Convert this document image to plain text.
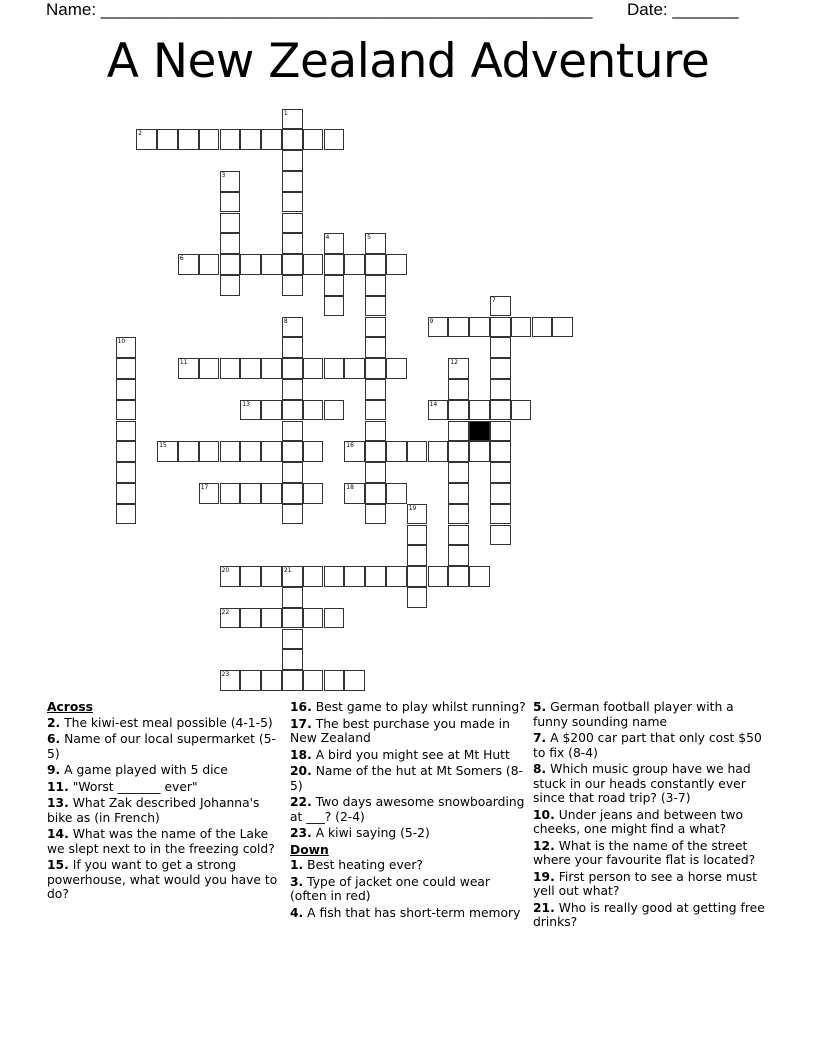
Name: ____________________________________________________ Date: _______
A New Zealand Adventure
1
2
3
4	5
6
7
8	9
10
11	12
13	14
15	16
17	18
19
20	21
22
23
Across
2. The kiwi-est meal possible (4-1-5)
6. Name of our local supermarket (5-5)
9. A game played with 5 dice
11. "Worst _______ ever"
13. What Zak described Johanna's bike as (in French)
14. What was the name of the Lake we slept next to in the freezing cold?
15. If you want to get a strong powerhouse, what would you have to do?
16. Best game to play whilst running?
17. The best purchase you made in New Zealand
18. A bird you might see at Mt Hutt
20. Name of the hut at Mt Somers (8-5)
22. Two days awesome snowboarding at ___? (2-4)
23. A kiwi saying (5-2)
Down
1. Best heating ever?
3. Type of jacket one could wear (often in red)
4. A fish that has short-term memory
5. German football player with a funny sounding name
7. A $200 car part that only cost $50 to fix (8-4)
8. Which music group have we had stuck in our heads constantly ever since that road trip? (3-7)
10. Under jeans and between two cheeks, one might find a what?
12. What is the name of the street where your favourite flat is located?
19. First person to see a horse must yell out what?
21. Who is really good at getting free drinks?
